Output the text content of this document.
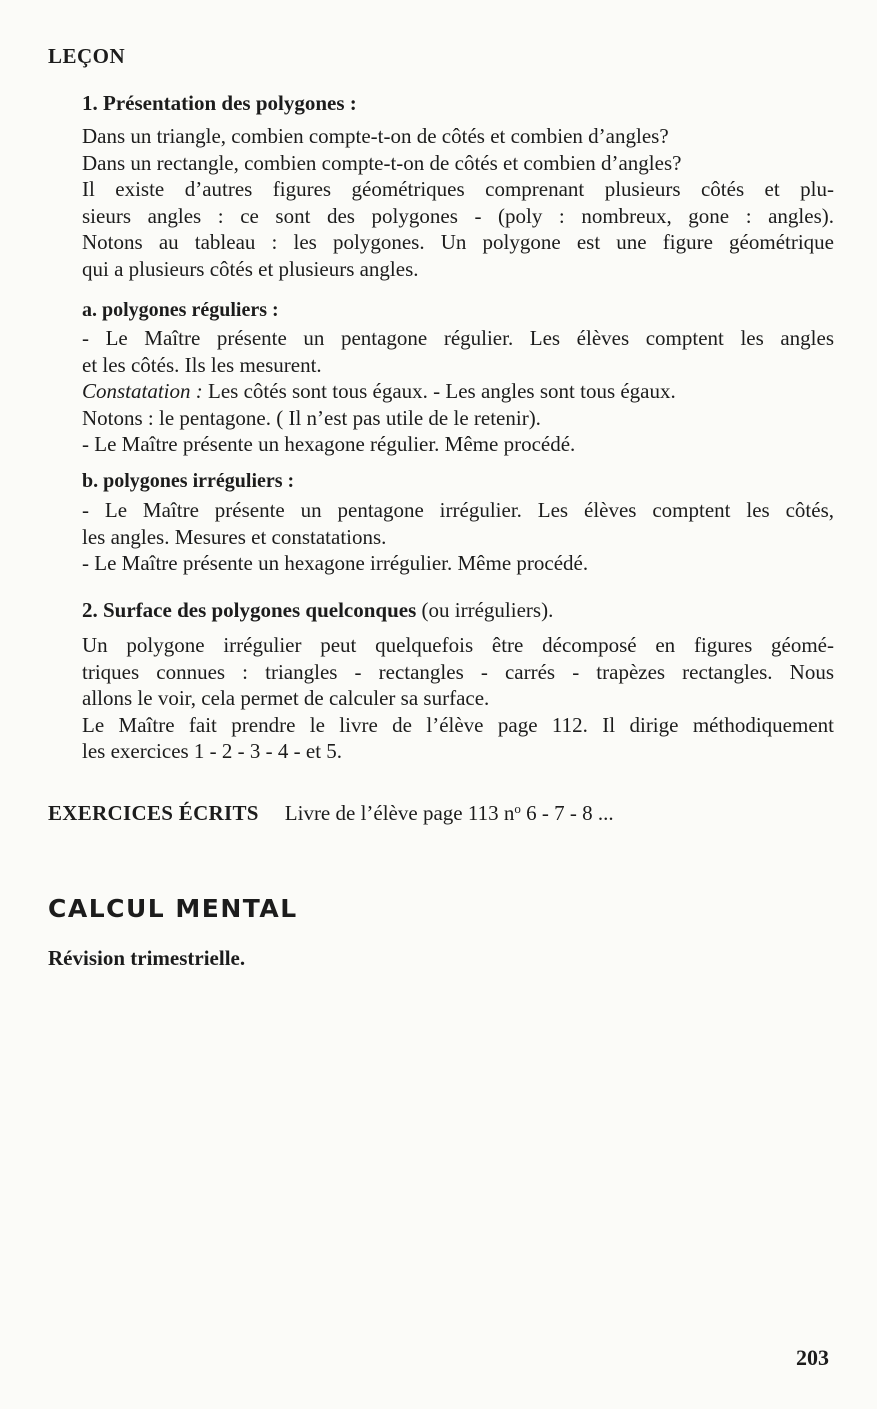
LEÇON
1. Présentation des polygones :
Dans un triangle, combien compte-t-on de côtés et combien d’angles?
Dans un rectangle, combien compte-t-on de côtés et combien d’angles?
Il existe d’autres figures géométriques comprenant plusieurs côtés et plu-
sieurs angles : ce sont des polygones - (poly : nombreux, gone : angles).
Notons au tableau : les polygones. Un polygone est une figure géométrique
qui a plusieurs côtés et plusieurs angles.
a. polygones réguliers :
- Le Maître présente un pentagone régulier. Les élèves comptent les angles
et les côtés. Ils les mesurent.
Constatation : Les côtés sont tous égaux. - Les angles sont tous égaux.
Notons : le pentagone. ( Il n’est pas utile de le retenir).
- Le Maître présente un hexagone régulier. Même procédé.
b. polygones irréguliers :
- Le Maître présente un pentagone irrégulier. Les élèves comptent les côtés,
les angles. Mesures et constatations.
- Le Maître présente un hexagone irrégulier. Même procédé.
2. Surface des polygones quelconques (ou irréguliers).
Un polygone irrégulier peut quelquefois être décomposé en figures géomé-
triques connues : triangles - rectangles - carrés - trapèzes rectangles. Nous
allons le voir, cela permet de calculer sa surface.
Le Maître fait prendre le livre de l’élève page 112. Il dirige méthodiquement
les exercices 1 - 2 - 3 - 4 - et 5.
EXERCICES ÉCRITS Livre de l’élève page 113 $n^o$ 6 - 7 - 8 ...
CALCUL MENTAL
Révision trimestrielle.
203
